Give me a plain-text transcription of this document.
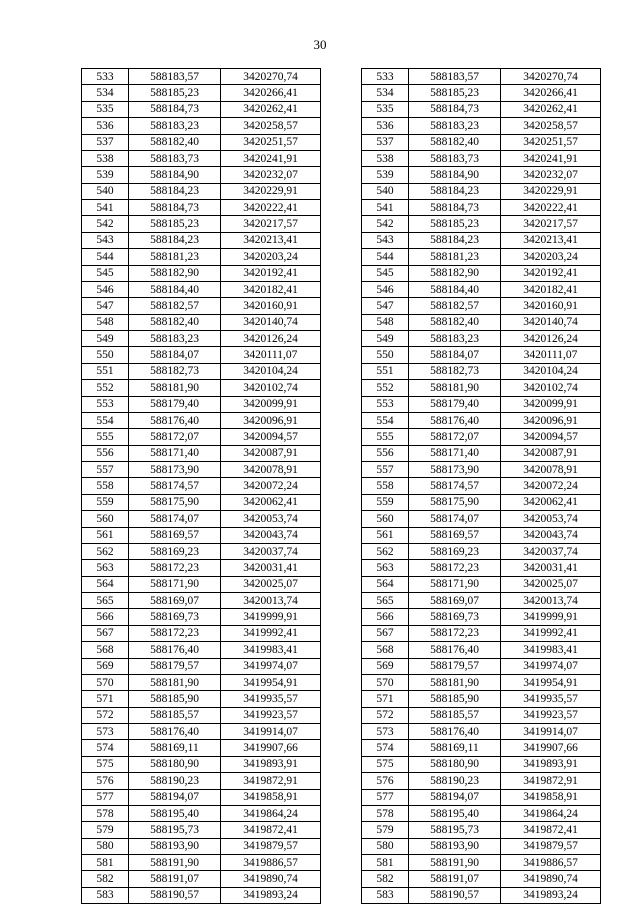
30
533	588183,57	3420270,74		533	588183,57	3420270,74
534	588185,23	3420266,41		534	588185,23	3420266,41
535	588184,73	3420262,41		535	588184,73	3420262,41
536	588183,23	3420258,57		536	588183,23	3420258,57
537	588182,40	3420251,57		537	588182,40	3420251,57
538	588183,73	3420241,91		538	588183,73	3420241,91
539	588184,90	3420232,07		539	588184,90	3420232,07
540	588184,23	3420229,91		540	588184,23	3420229,91
541	588184,73	3420222,41		541	588184,73	3420222,41
542	588185,23	3420217,57		542	588185,23	3420217,57
543	588184,23	3420213,41		543	588184,23	3420213,41
544	588181,23	3420203,24		544	588181,23	3420203,24
545	588182,90	3420192,41		545	588182,90	3420192,41
546	588184,40	3420182,41		546	588184,40	3420182,41
547	588182,57	3420160,91		547	588182,57	3420160,91
548	588182,40	3420140,74		548	588182,40	3420140,74
549	588183,23	3420126,24		549	588183,23	3420126,24
550	588184,07	3420111,07		550	588184,07	3420111,07
551	588182,73	3420104,24		551	588182,73	3420104,24
552	588181,90	3420102,74		552	588181,90	3420102,74
553	588179,40	3420099,91		553	588179,40	3420099,91
554	588176,40	3420096,91		554	588176,40	3420096,91
555	588172,07	3420094,57		555	588172,07	3420094,57
556	588171,40	3420087,91		556	588171,40	3420087,91
557	588173,90	3420078,91		557	588173,90	3420078,91
558	588174,57	3420072,24		558	588174,57	3420072,24
559	588175,90	3420062,41		559	588175,90	3420062,41
560	588174,07	3420053,74		560	588174,07	3420053,74
561	588169,57	3420043,74		561	588169,57	3420043,74
562	588169,23	3420037,74		562	588169,23	3420037,74
563	588172,23	3420031,41		563	588172,23	3420031,41
564	588171,90	3420025,07		564	588171,90	3420025,07
565	588169,07	3420013,74		565	588169,07	3420013,74
566	588169,73	3419999,91		566	588169,73	3419999,91
567	588172,23	3419992,41		567	588172,23	3419992,41
568	588176,40	3419983,41		568	588176,40	3419983,41
569	588179,57	3419974,07		569	588179,57	3419974,07
570	588181,90	3419954,91		570	588181,90	3419954,91
571	588185,90	3419935,57		571	588185,90	3419935,57
572	588185,57	3419923,57		572	588185,57	3419923,57
573	588176,40	3419914,07		573	588176,40	3419914,07
574	588169,11	3419907,66		574	588169,11	3419907,66
575	588180,90	3419893,91		575	588180,90	3419893,91
576	588190,23	3419872,91		576	588190,23	3419872,91
577	588194,07	3419858,91		577	588194,07	3419858,91
578	588195,40	3419864,24		578	588195,40	3419864,24
579	588195,73	3419872,41		579	588195,73	3419872,41
580	588193,90	3419879,57		580	588193,90	3419879,57
581	588191,90	3419886,57		581	588191,90	3419886,57
582	588191,07	3419890,74		582	588191,07	3419890,74
583	588190,57	3419893,24		583	588190,57	3419893,24
